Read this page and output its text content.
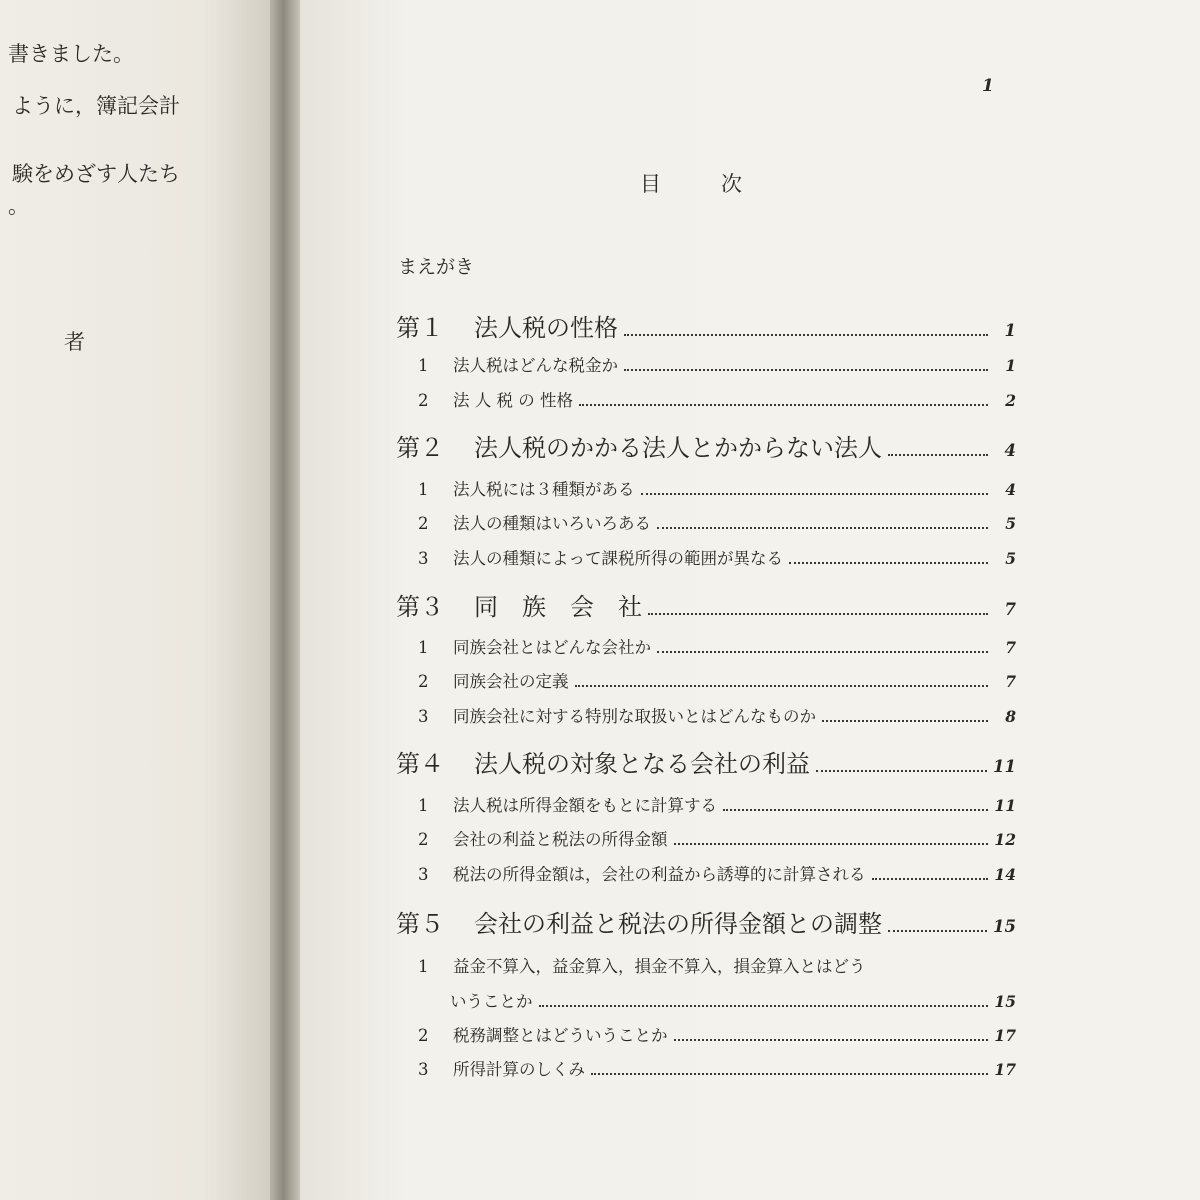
書きました。
ように，簿記会計
験をめざす人たち
。
者
1
目	次
まえがき
第１	法人税の性格	1
1	法人税はどんな税金か	1
2	法 人 税 の 性格	2
第２	法人税のかかる法人とかからない法人	4
1	法人税には３種類がある	4
2	法人の種類はいろいろある	5
3	法人の種類によって課税所得の範囲が異なる	5
第３	同　族　会　社	7
1	同族会社とはどんな会社か	7
2	同族会社の定義	7
3	同族会社に対する特別な取扱いとはどんなものか	8
第４	法人税の対象となる会社の利益	11
1	法人税は所得金額をもとに計算する	11
2	会社の利益と税法の所得金額	12
3	税法の所得金額は，会社の利益から誘導的に計算される	14
第５	会社の利益と税法の所得金額との調整	15
1	益金不算入，益金算入，損金不算入，損金算入とはどう
いうことか	15
2	税務調整とはどういうことか	17
3	所得計算のしくみ	17
